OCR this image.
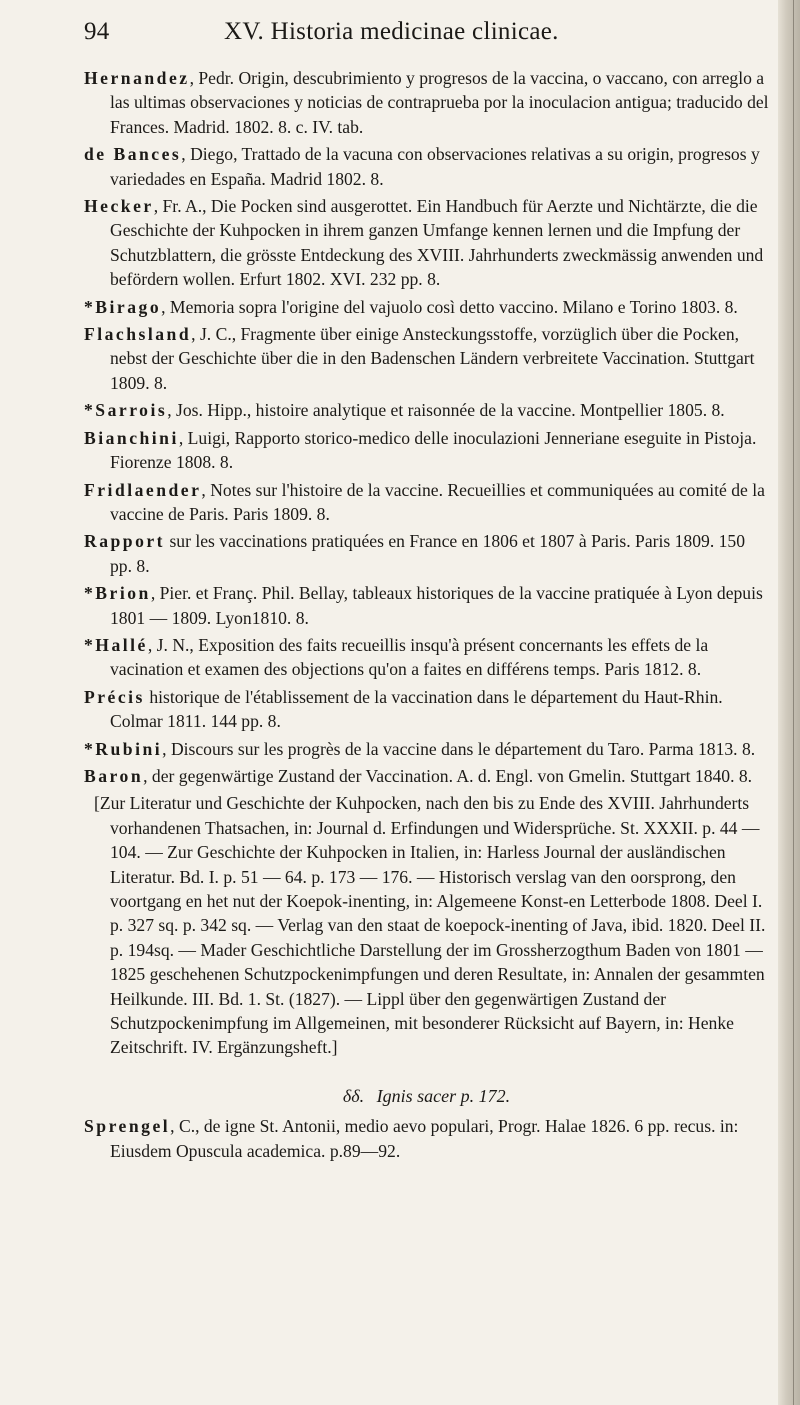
94	XV. Historia medicinae clinicae.
Hernandez, Pedr. Origin, descubrimiento y progresos de la vaccina, o vaccano, con arreglo a las ultimas observaciones y noticias de contraprueba por la inoculacion antigua; traducido del Frances. Madrid. 1802. 8. c. IV. tab.
de Bances, Diego, Trattado de la vacuna con observaciones relativas a su origin, progresos y variedades en España. Madrid 1802. 8.
Hecker, Fr. A., Die Pocken sind ausgerottet. Ein Handbuch für Aerzte und Nichtärzte, die die Geschichte der Kuhpocken in ihrem ganzen Umfange kennen lernen und die Impfung der Schutzblattern, die grösste Entdeckung des XVIII. Jahrhunderts zweckmässig anwenden und befördern wollen. Erfurt 1802. XVI. 232 pp. 8.
*Birago, Memoria sopra l'origine del vajuolo così detto vaccino. Milano e Torino 1803. 8.
Flachsland, J. C., Fragmente über einige Ansteckungsstoffe, vorzüglich über die Pocken, nebst der Geschichte über die in den Badenschen Ländern verbreitete Vaccination. Stuttgart 1809. 8.
*Sarrois, Jos. Hipp., histoire analytique et raisonnée de la vaccine. Montpellier 1805. 8.
Bianchini, Luigi, Rapporto storico-medico delle inoculazioni Jenneriane eseguite in Pistoja. Fiorenze 1808. 8.
Fridlaender, Notes sur l'histoire de la vaccine. Recueillies et communiquées au comité de la vaccine de Paris. Paris 1809. 8.
Rapport sur les vaccinations pratiquées en France en 1806 et 1807 à Paris. Paris 1809. 150 pp. 8.
*Brion, Pier. et Franç. Phil. Bellay, tableaux historiques de la vaccine pratiquée à Lyon depuis 1801 — 1809. Lyon1810. 8.
*Hallé, J. N., Exposition des faits recueillis insqu'à présent concernants les effets de la vacination et examen des objections qu'on a faites en différens temps. Paris 1812. 8.
Précis historique de l'établissement de la vaccination dans le département du Haut-Rhin. Colmar 1811. 144 pp. 8.
*Rubini, Discours sur les progrès de la vaccine dans le département du Taro. Parma 1813. 8.
Baron, der gegenwärtige Zustand der Vaccination. A. d. Engl. von Gmelin. Stuttgart 1840. 8.
[Zur Literatur und Geschichte der Kuhpocken, nach den bis zu Ende des XVIII. Jahrhunderts vorhandenen Thatsachen, in: Journal d. Erfindungen und Widersprüche. St. XXXII. p. 44 — 104. — Zur Geschichte der Kuhpocken in Italien, in: Harless Journal der ausländischen Literatur. Bd. I. p. 51 — 64. p. 173 — 176. — Historisch verslag van den oorsprong, den voortgang en het nut der Koepok-inenting, in: Algemeene Konst-en Letterbode 1808. Deel I. p. 327 sq. p. 342 sq. — Verlag van den staat de koepock-inenting of Java, ibid. 1820. Deel II. p. 194sq. — Mader Geschichtliche Darstellung der im Grossherzogthum Baden von 1801 — 1825 geschehenen Schutzpockenimpfungen und deren Resultate, in: Annalen der gesammten Heilkunde. III. Bd. 1. St. (1827). — Lippl über den gegenwärtigen Zustand der Schutzpockenimpfung im Allgemeinen, mit besonderer Rücksicht auf Bayern, in: Henke Zeitschrift. IV. Ergänzungsheft.]
δδ. Ignis sacer p. 172.
Sprengel, C., de igne St. Antonii, medio aevo populari, Progr. Halae 1826. 6 pp. recus. in: Eiusdem Opuscula academica. p.89—92.
